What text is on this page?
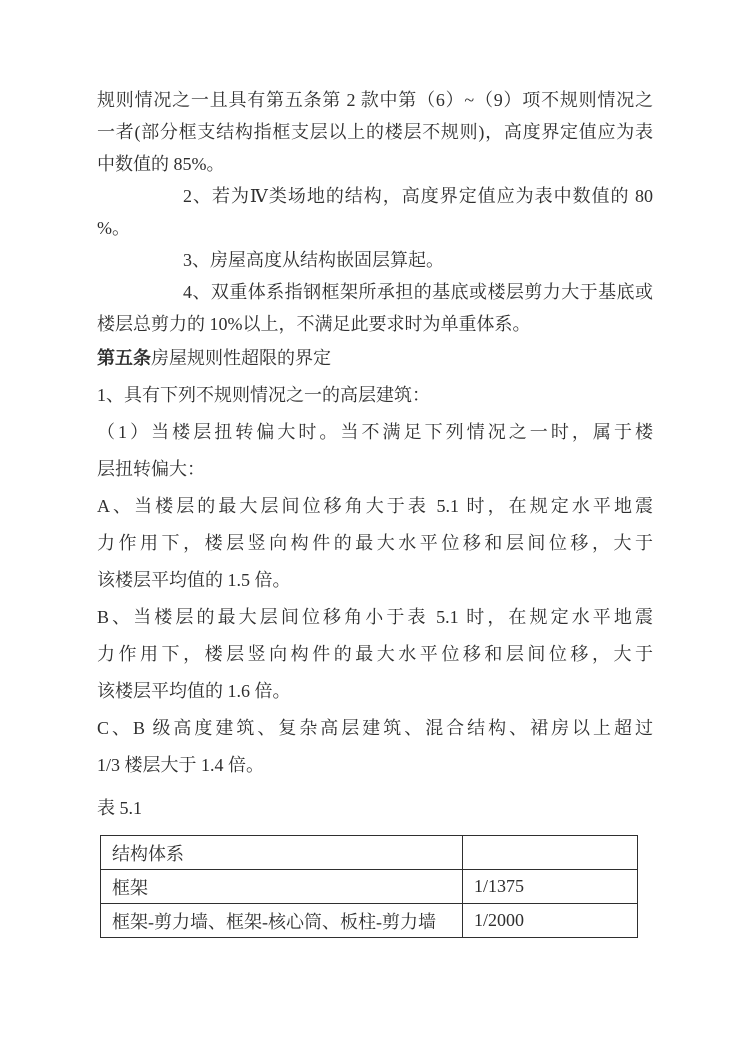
规则情况之一且具有第五条第 2 款中第（6）~（9）项不规则情况之
一者(部分框支结构指框支层以上的楼层不规则)，高度界定值应为表
中数值的 85%。
2、若为Ⅳ类场地的结构，高度界定值应为表中数值的 80
%。
3、房屋高度从结构嵌固层算起。
4、双重体系指钢框架所承担的基底或楼层剪力大于基底或
楼层总剪力的 10%以上，不满足此要求时为单重体系。
第五条房屋规则性超限的界定
1、具有下列不规则情况之一的高层建筑：
（1）当楼层扭转偏大时。当不满足下列情况之一时，属于楼
层扭转偏大：
A、当楼层的最大层间位移角大于表 5.1 时，在规定水平地震
力作用下，楼层竖向构件的最大水平位移和层间位移，大于
该楼层平均值的 1.5 倍。
B、当楼层的最大层间位移角小于表 5.1 时，在规定水平地震
力作用下，楼层竖向构件的最大水平位移和层间位移，大于
该楼层平均值的 1.6 倍。
C、B 级高度建筑、复杂高层建筑、混合结构、裙房以上超过
1/3 楼层大于 1.4 倍。
表 5.1
结构体系	
框架	1/1375
框架-剪力墙、框架-核心筒、板柱-剪力墙	1/2000
